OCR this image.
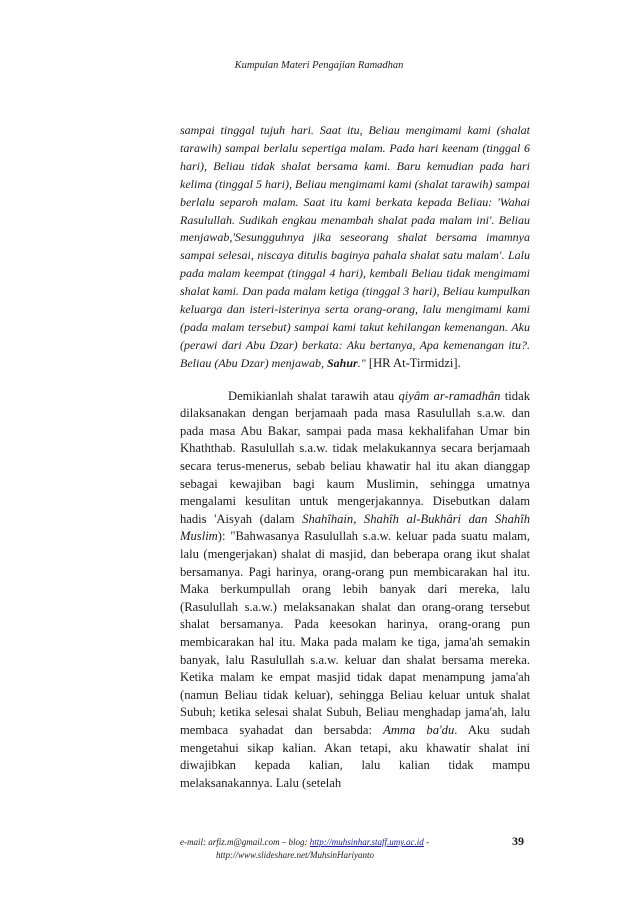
Kumpulan Materi Pengajian Ramadhan

sampai tinggal tujuh hari. Saat itu, Beliau mengimami kami (shalat tarawih) sampai berlalu sepertiga malam. Pada hari keenam (tinggal 6 hari), Beliau tidak shalat bersama kami. Baru kemudian pada hari kelima (tinggal 5 hari), Beliau mengimami kami (shalat tarawih) sampai berlalu separoh malam. Saat itu kami berkata kepada Beliau: 'Wahai Rasulullah. Sudikah engkau menambah shalat pada malam ini'. Beliau menjawab,'Sesungguhnya jika seseorang shalat bersama imamnya sampai selesai, niscaya ditulis baginya pahala shalat satu malam'. Lalu pada malam keempat (tinggal 4 hari), kembali Beliau tidak mengimami shalat kami. Dan pada malam ketiga (tinggal 3 hari), Beliau kumpulkan keluarga dan isteri-isterinya serta orang-orang, lalu mengimami kami (pada malam tersebut) sampai kami takut kehilangan kemenangan. Aku (perawi dari Abu Dzar) berkata: Aku bertanya, Apa kemenangan itu?. Beliau (Abu Dzar) menjawab, Sahur." [HR At-Tirmidzi].

Demikianlah shalat tarawih atau qiyâm ar-ramadhân tidak dilaksanakan dengan berjamaah pada masa Rasulullah s.a.w. dan pada masa Abu Bakar, sampai pada masa kekhalifahan Umar bin Khaththab. Rasulullah s.a.w. tidak melakukannya secara berjamaah secara terus-menerus, sebab beliau khawatir hal itu akan dianggap sebagai kewajiban bagi kaum Muslimin, sehingga umatnya mengalami kesulitan untuk mengerjakannya. Disebutkan dalam hadis 'Aisyah (dalam Shahîhain, Shahîh al-Bukhâri dan Shahîh Muslim): "Bahwasanya Rasulullah s.a.w. keluar pada suatu malam, lalu (mengerjakan) shalat di masjid, dan beberapa orang ikut shalat bersamanya. Pagi harinya, orang-orang pun membicarakan hal itu. Maka berkumpullah orang lebih banyak dari mereka, lalu (Rasulullah s.a.w.) melaksanakan shalat dan orang-orang tersebut shalat bersamanya. Pada keesokan harinya, orang-orang pun membicarakan hal itu. Maka pada malam ke tiga, jama'ah semakin banyak, lalu Rasulullah s.a.w. keluar dan shalat bersama mereka. Ketika malam ke empat masjid tidak dapat menampung jama'ah (namun Beliau tidak keluar), sehingga Beliau keluar untuk shalat Subuh; ketika selesai shalat Subuh, Beliau menghadap jama'ah, lalu membaca syahadat dan bersabda: Amma ba'du. Aku sudah mengetahui sikap kalian. Akan tetapi, aku khawatir shalat ini diwajibkan kepada kalian, lalu kalian tidak mampu melaksanakannya. Lalu (setelah

e-mail: arfiz.m@gmail.com – blog: http://muhsinhar.staff.umy.ac.id -
http://www.slideshare.net/MuhsinHariyanto
39
